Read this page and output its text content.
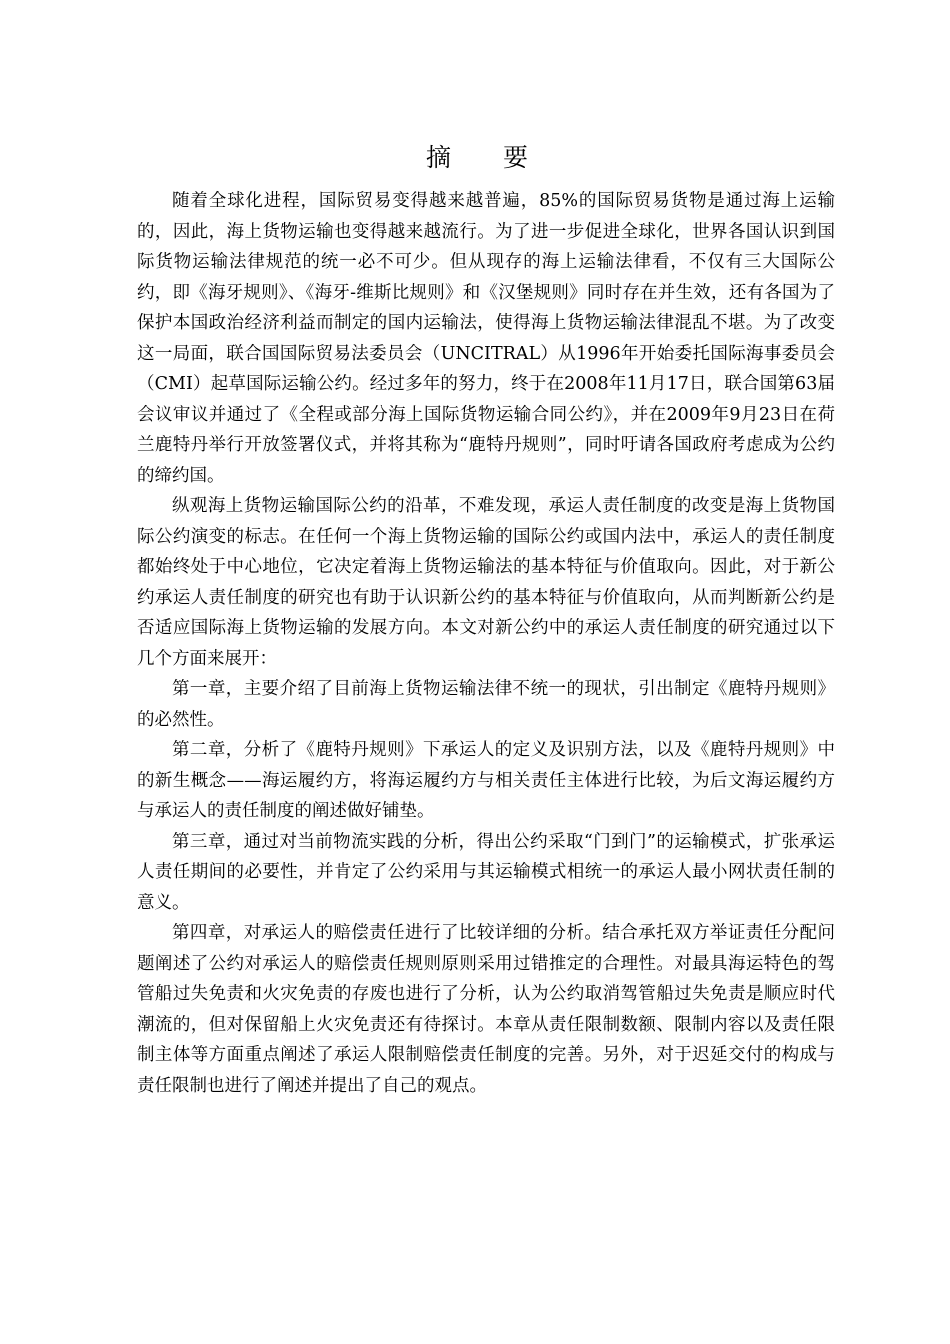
摘 要

随着全球化进程，国际贸易变得越来越普遍，85%的国际贸易货物是通过海上运输的，因此，海上货物运输也变得越来越流行。为了进一步促进全球化，世界各国认识到国际货物运输法律规范的统一必不可少。但从现存的海上运输法律看，不仅有三大国际公约，即《海牙规则》、《海牙-维斯比规则》和《汉堡规则》同时存在并生效，还有各国为了保护本国政治经济利益而制定的国内运输法，使得海上货物运输法律混乱不堪。为了改变这一局面，联合国国际贸易法委员会（UNCITRAL）从1996年开始委托国际海事委员会（CMI）起草国际运输公约。经过多年的努力，终于在2008年11月17日，联合国第63届会议审议并通过了《全程或部分海上国际货物运输合同公约》，并在2009年9月23日在荷兰鹿特丹举行开放签署仪式，并将其称为“鹿特丹规则”，同时吁请各国政府考虑成为公约的缔约国。

纵观海上货物运输国际公约的沿革，不难发现，承运人责任制度的改变是海上货物国际公约演变的标志。在任何一个海上货物运输的国际公约或国内法中，承运人的责任制度都始终处于中心地位，它决定着海上货物运输法的基本特征与价值取向。因此，对于新公约承运人责任制度的研究也有助于认识新公约的基本特征与价值取向，从而判断新公约是否适应国际海上货物运输的发展方向。本文对新公约中的承运人责任制度的研究通过以下几个方面来展开：

第一章，主要介绍了目前海上货物运输法律不统一的现状，引出制定《鹿特丹规则》的必然性。

第二章，分析了《鹿特丹规则》下承运人的定义及识别方法，以及《鹿特丹规则》中的新生概念——海运履约方，将海运履约方与相关责任主体进行比较，为后文海运履约方与承运人的责任制度的阐述做好铺垫。

第三章，通过对当前物流实践的分析，得出公约采取“门到门”的运输模式，扩张承运人责任期间的必要性，并肯定了公约采用与其运输模式相统一的承运人最小网状责任制的意义。

第四章，对承运人的赔偿责任进行了比较详细的分析。结合承托双方举证责任分配问题阐述了公约对承运人的赔偿责任规则原则采用过错推定的合理性。对最具海运特色的驾管船过失免责和火灾免责的存废也进行了分析，认为公约取消驾管船过失免责是顺应时代潮流的，但对保留船上火灾免责还有待探讨。本章从责任限制数额、限制内容以及责任限制主体等方面重点阐述了承运人限制赔偿责任制度的完善。另外，对于迟延交付的构成与责任限制也进行了阐述并提出了自己的观点。
